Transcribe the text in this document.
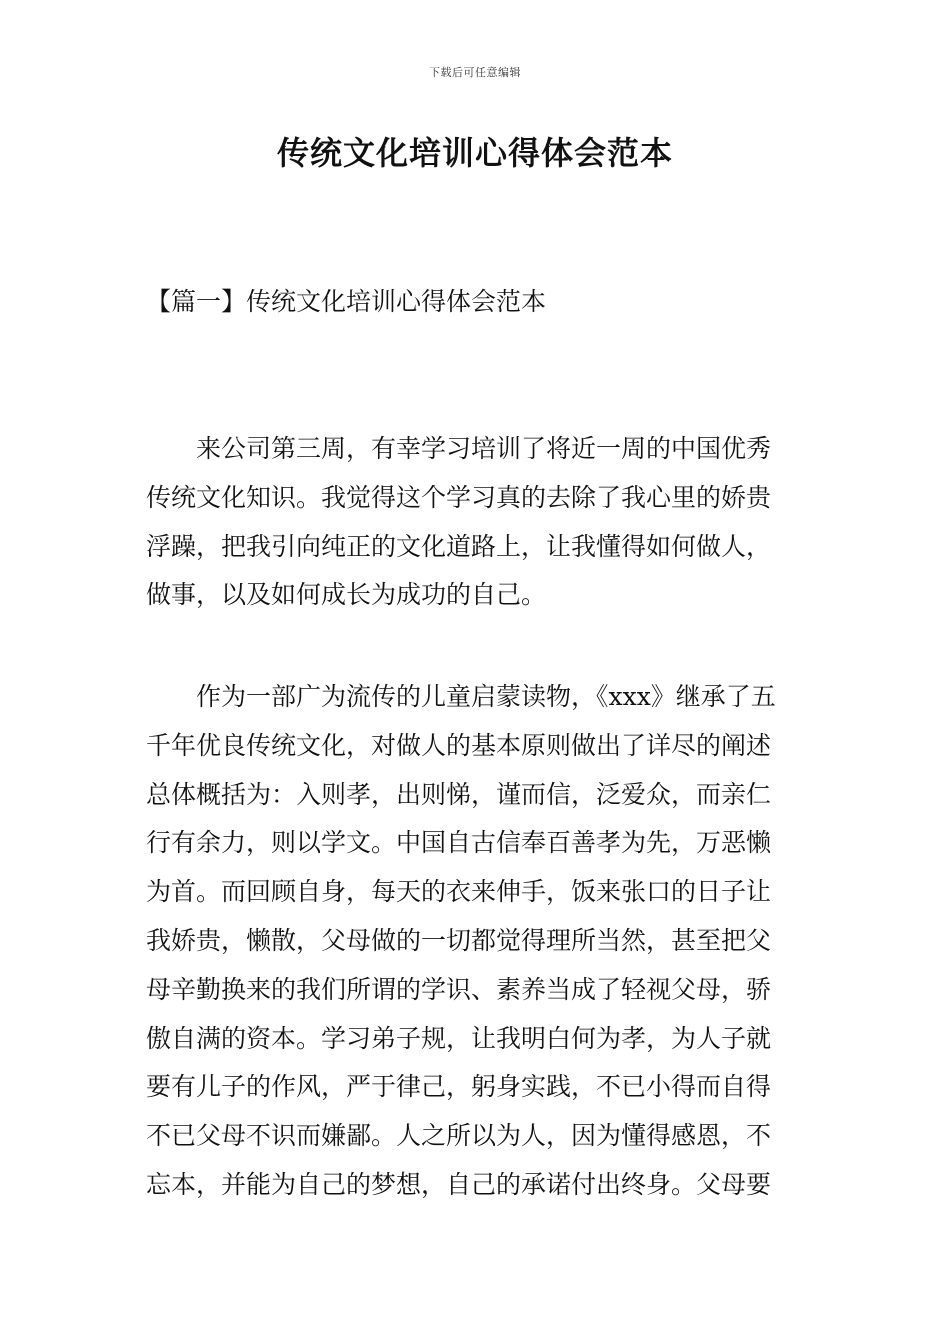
下载后可任意编辑
传统文化培训心得体会范本
【篇一】传统文化培训心得体会范本

　　来公司第三周，有幸学习培训了将近一周的中国优秀
传统文化知识。我觉得这个学习真的去除了我心里的娇贵
浮躁，把我引向纯正的文化道路上，让我懂得如何做人，
做事，以及如何成长为成功的自己。

　　作为一部广为流传的儿童启蒙读物，《xxx》继承了五
千年优良传统文化，对做人的基本原则做出了详尽的阐述
总体概括为：入则孝，出则悌，谨而信，泛爱众，而亲仁
行有余力，则以学文。中国自古信奉百善孝为先，万恶懒
为首。而回顾自身，每天的衣来伸手，饭来张口的日子让
我娇贵，懒散，父母做的一切都觉得理所当然，甚至把父
母辛勤换来的我们所谓的学识、素养当成了轻视父母，骄
傲自满的资本。学习弟子规，让我明白何为孝，为人子就
要有儿子的作风，严于律己，躬身实践，不已小得而自得
不已父母不识而嫌鄙。人之所以为人，因为懂得感恩，不
忘本，并能为自己的梦想，自己的承诺付出终身。父母要
